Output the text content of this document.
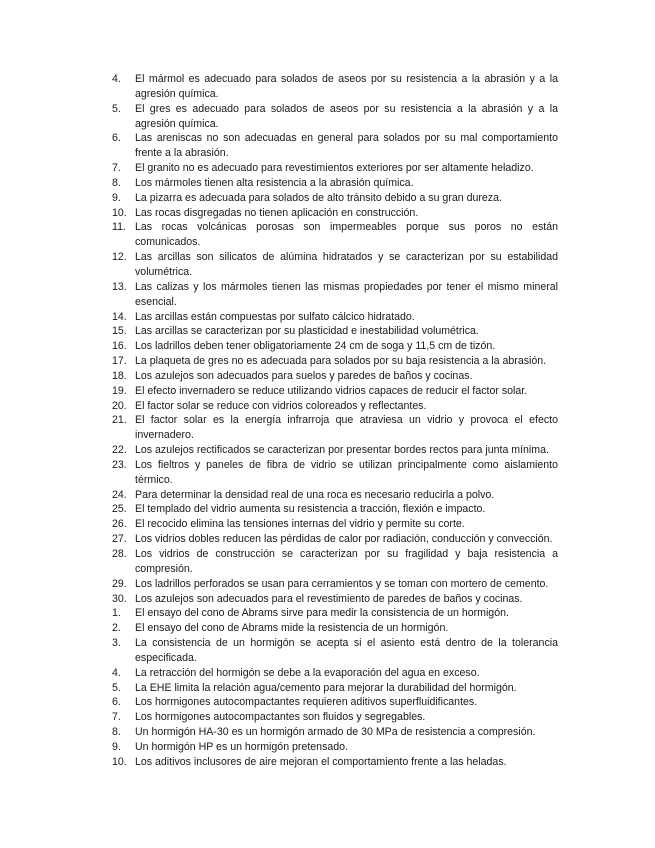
4.	El mármol es adecuado para solados de aseos por su resistencia a la abrasión y a la agresión química.
5.	El gres es adecuado para solados de aseos por su resistencia a la abrasión y a la agresión química.
6.	Las areniscas no son adecuadas en general para solados por su mal comportamiento frente a la abrasión.
7.	El granito no es adecuado para revestimientos exteriores por ser altamente heladizo.
8.	Los mármoles tienen alta resistencia a la abrasión química.
9.	La pizarra es adecuada para solados de alto tránsito debido a su gran dureza.
10. Las rocas disgregadas no tienen aplicación en construcción.
11. Las rocas volcánicas porosas son impermeables porque sus poros no están comunicados.
12. Las arcillas son silicatos de alúmina hidratados y se caracterizan por su estabilidad volumétrica.
13. Las calizas y los mármoles tienen las mismas propiedades por tener el mismo mineral esencial.
14. Las arcillas están compuestas por sulfato cálcico hidratado.
15. Las arcillas se caracterizan por su plasticidad e inestabilidad volumétrica.
16. Los ladrillos deben tener obligatoriamente 24 cm de soga y 11,5 cm de tizón.
17. La plaqueta de gres no es adecuada para solados por su baja resistencia a la abrasión.
18. Los azulejos son adecuados para suelos y paredes de baños y cocinas.
19. El efecto invernadero se reduce utilizando vidrios capaces de reducir el factor solar.
20. El factor solar se reduce con vidrios coloreados y reflectantes.
21. El factor solar es la energía infrarroja que atraviesa un vidrio y provoca el efecto invernadero.
22. Los azulejos rectificados se caracterizan por presentar bordes rectos para junta mínima.
23. Los fieltros y paneles de fibra de vidrio se utilizan principalmente como aislamiento térmico.
24. Para determinar la densidad real de una roca es necesario reducirla a polvo.
25. El templado del vidrio aumenta su resistencia a tracción, flexión e impacto.
26. El recocido elimina las tensiones internas del vidrio y permite su corte.
27. Los vidrios dobles reducen las pérdidas de calor por radiación, conducción y convección.
28. Los vidrios de construcción se caracterizan por su fragilidad y baja resistencia a compresión.
29. Los ladrillos perforados se usan para cerramientos y se toman con mortero de cemento.
30. Los azulejos son adecuados para el revestimiento de paredes de baños y cocinas.
1.	El ensayo del cono de Abrams sirve para medir la consistencia de un hormigón.
2.	El ensayo del cono de Abrams mide la resistencia de un hormigón.
3.	La consistencia de un hormigón se acepta si el asiento está dentro de la tolerancia especificada.
4.	La retracción del hormigón se debe a la evaporación del agua en exceso.
5.	La EHE limita la relación agua/cemento para mejorar la durabilidad del hormigón.
6.	Los hormigones autocompactantes requieren aditivos superfluidificantes.
7.	Los hormigones autocompactantes son fluidos y segregables.
8.	Un hormigón HA-30 es un hormigón armado de 30 MPa de resistencia a compresión.
9.	Un hormigón HP es un hormigón pretensado.
10. Los aditivos inclusores de aire mejoran el comportamiento frente a las heladas.
